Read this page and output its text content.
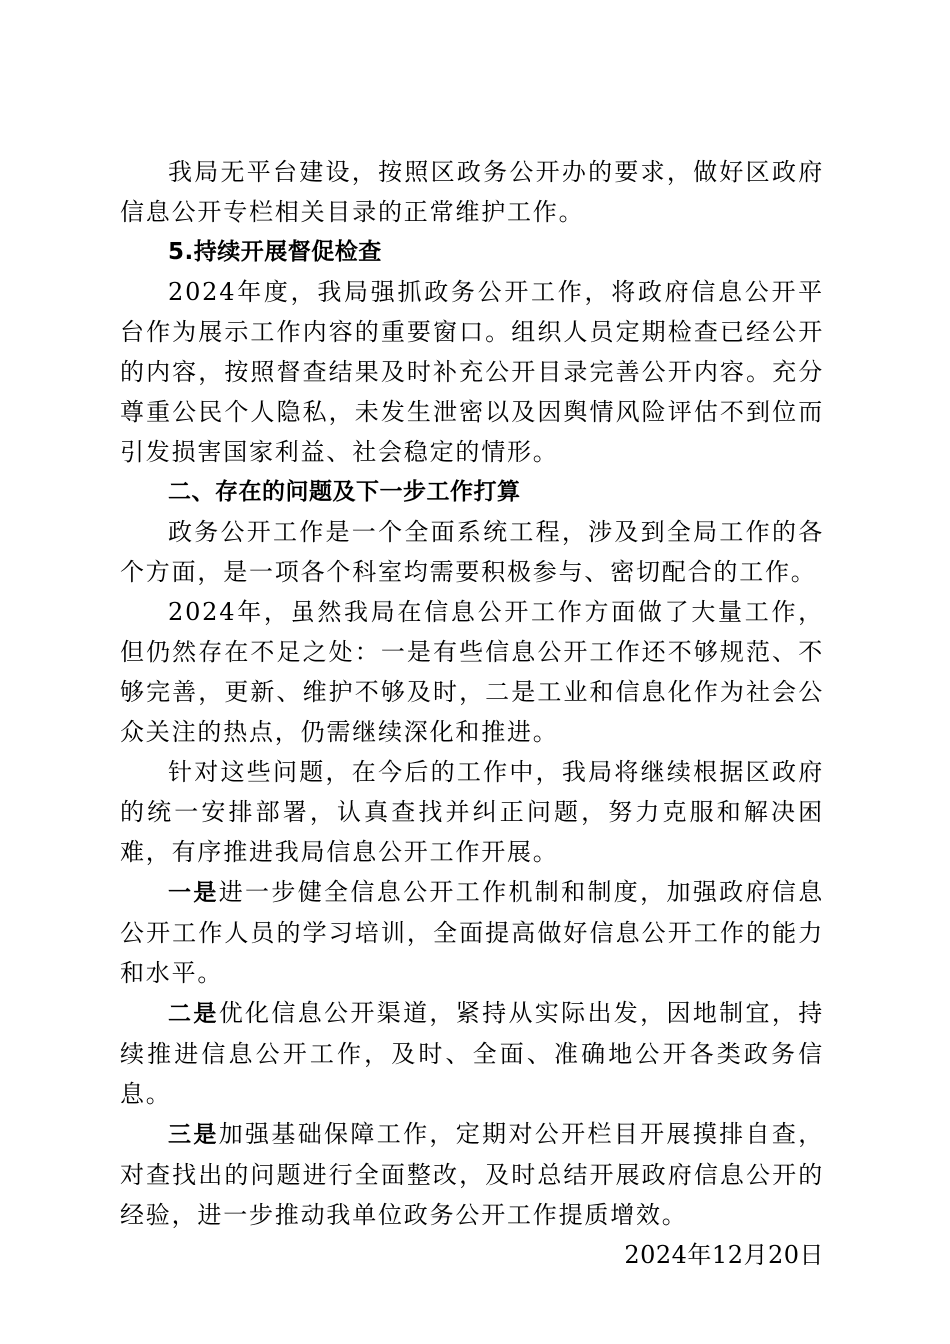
我局无平台建设，按照区政务公开办的要求，做好区政府信息公开专栏相关目录的正常维护工作。

5.持续开展督促检查

2024年度，我局强抓政务公开工作，将政府信息公开平台作为展示工作内容的重要窗口。组织人员定期检查已经公开的内容，按照督查结果及时补充公开目录完善公开内容。充分尊重公民个人隐私，未发生泄密以及因舆情风险评估不到位而引发损害国家利益、社会稳定的情形。

二、存在的问题及下一步工作打算

政务公开工作是一个全面系统工程，涉及到全局工作的各个方面，是一项各个科室均需要积极参与、密切配合的工作。

2024年，虽然我局在信息公开工作方面做了大量工作，但仍然存在不足之处：一是有些信息公开工作还不够规范、不够完善，更新、维护不够及时，二是工业和信息化作为社会公众关注的热点，仍需继续深化和推进。

针对这些问题，在今后的工作中，我局将继续根据区政府的统一安排部署，认真查找并纠正问题，努力克服和解决困难，有序推进我局信息公开工作开展。

一是进一步健全信息公开工作机制和制度，加强政府信息公开工作人员的学习培训，全面提高做好信息公开工作的能力和水平。

二是优化信息公开渠道，紧持从实际出发，因地制宜，持续推进信息公开工作，及时、全面、准确地公开各类政务信息。

三是加强基础保障工作，定期对公开栏目开展摸排自查，对查找出的问题进行全面整改，及时总结开展政府信息公开的经验，进一步推动我单位政务公开工作提质增效。

2024年12月20日
